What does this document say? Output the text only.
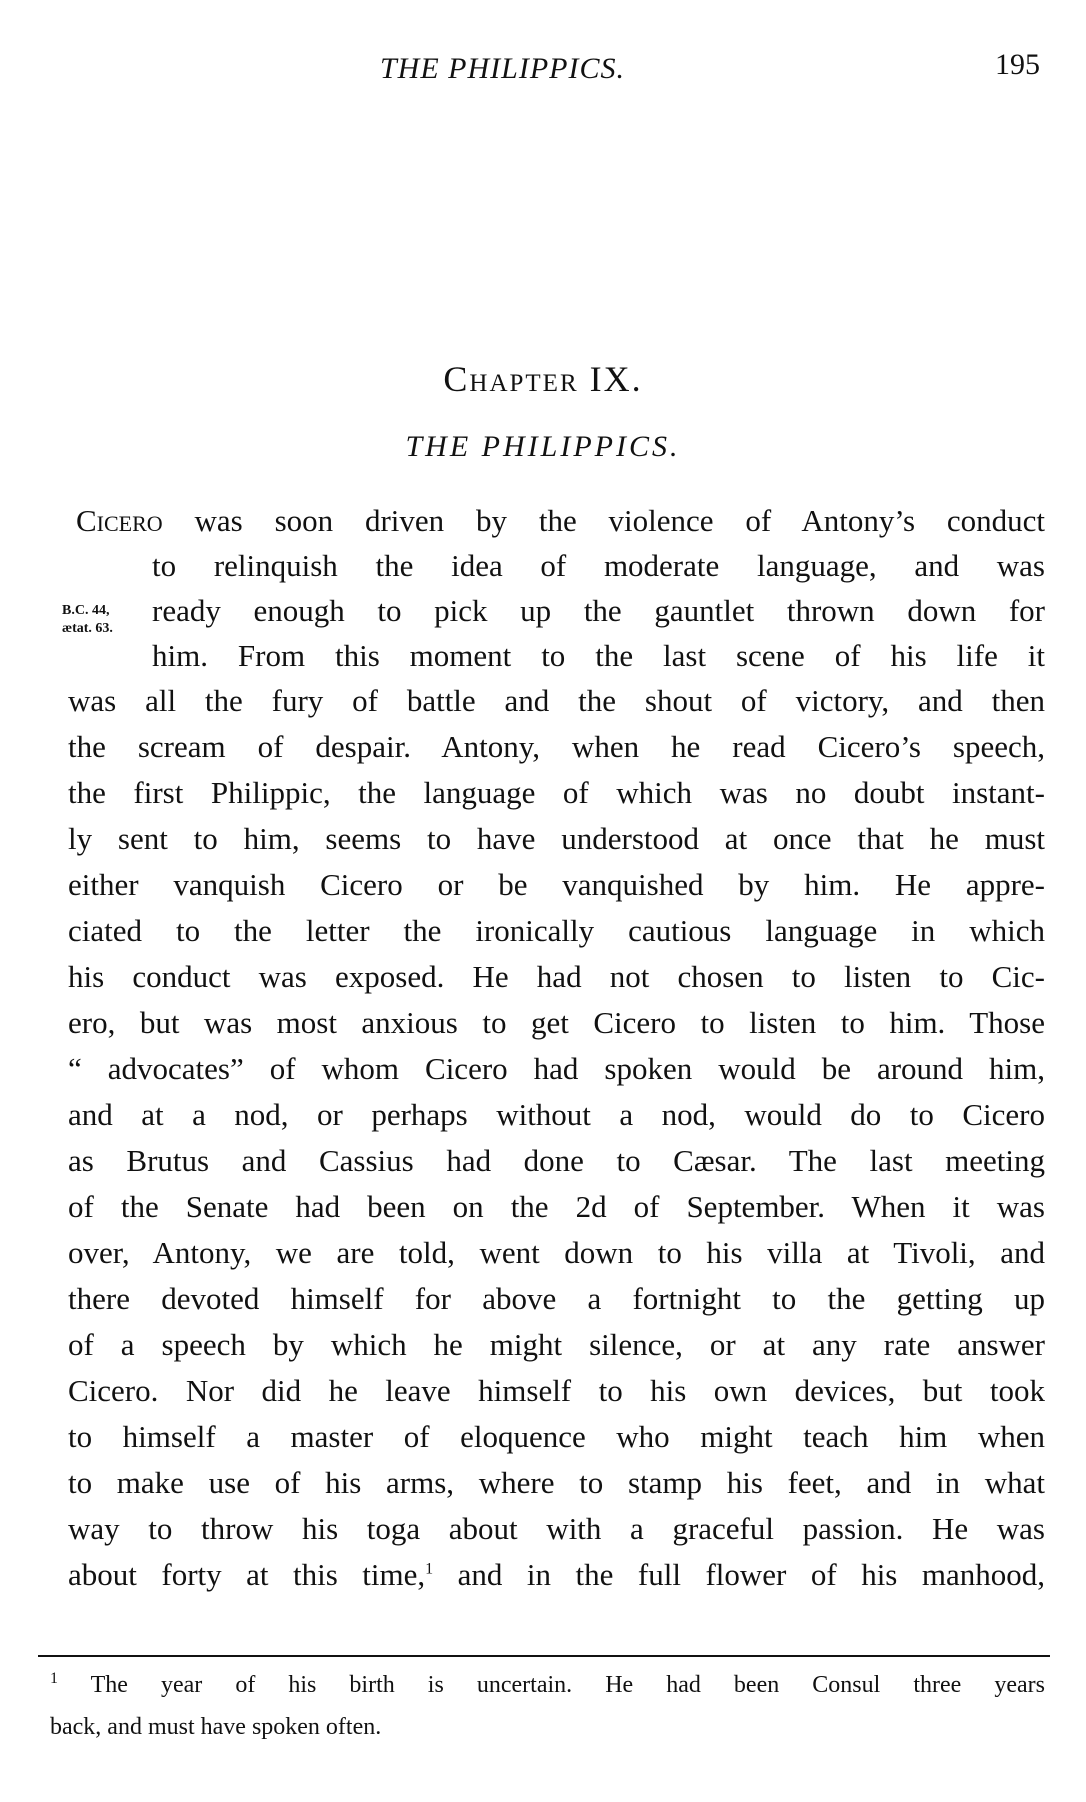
THE PHILIPPICS.	195
Chapter IX.
THE PHILIPPICS.
B.C. 44,
ætat. 63.
Cicero was soon driven by the violence of Antony’s conduct
to relinquish the idea of moderate language, and was
ready enough to pick up the gauntlet thrown down for
him. From this moment to the last scene of his life it
was all the fury of battle and the shout of victory, and then
the scream of despair. Antony, when he read Cicero’s speech,
the first Philippic, the language of which was no doubt instant-
ly sent to him, seems to have understood at once that he must
either vanquish Cicero or be vanquished by him. He appre-
ciated to the letter the ironically cautious language in which
his conduct was exposed. He had not chosen to listen to Cic-
ero, but was most anxious to get Cicero to listen to him. Those
“ advocates” of whom Cicero had spoken would be around him,
and at a nod, or perhaps without a nod, would do to Cicero
as Brutus and Cassius had done to Cæsar. The last meeting
of the Senate had been on the 2d of September. When it was
over, Antony, we are told, went down to his villa at Tivoli, and
there devoted himself for above a fortnight to the getting up
of a speech by which he might silence, or at any rate answer
Cicero. Nor did he leave himself to his own devices, but took
to himself a master of eloquence who might teach him when
to make use of his arms, where to stamp his feet, and in what
way to throw his toga about with a graceful passion. He was
about forty at this time,$^1$ and in the full flower of his manhood,
$^1$ The year of his birth is uncertain. He had been Consul three years
back, and must have spoken often.
